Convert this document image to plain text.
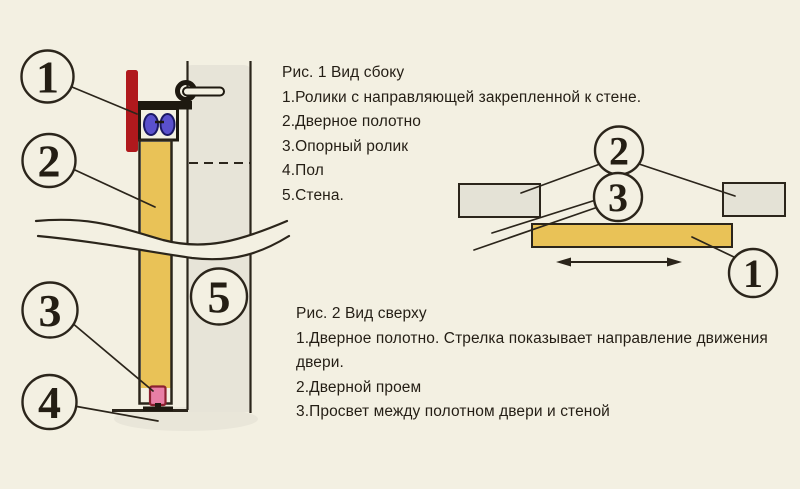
1
2
3
4
5
2
3
1
Рис. 1 Вид сбоку
1.Ролики с направляющей закрепленной к стене.
2.Дверное полотно
3.Опорный ролик
4.Пол
5.Стена.
Рис. 2 Вид сверху
1.Дверное полотно. Стрелка показывает направление движения
двери.
2.Дверной проем
3.Просвет между полотном двери и стеной
